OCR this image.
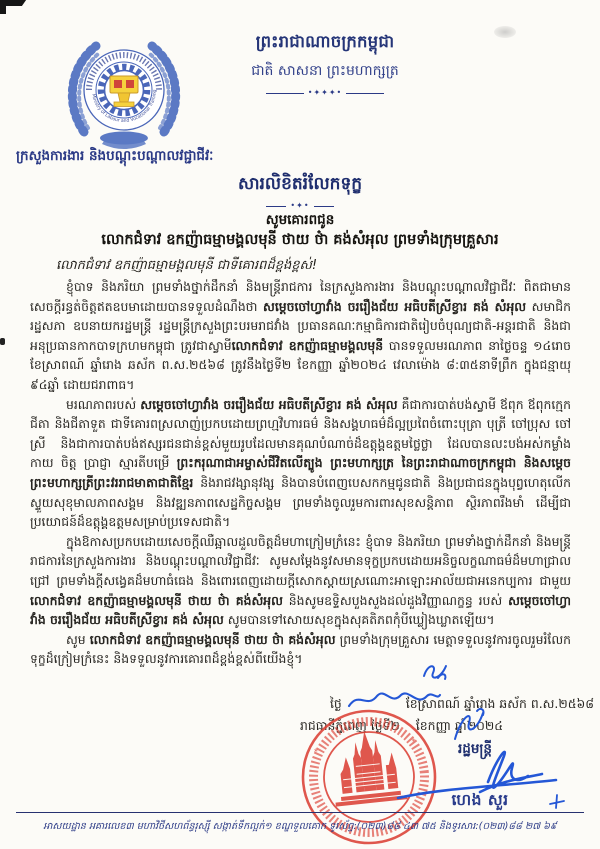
Ministry of Labour and Vocational Training
ព្រះរាជាណាចក្រកម្ពុជា
ជាតិ សាសនា ព្រះមហាក្សត្រ
•✦✦✦•
ក្រសួងការងារ និងបណ្ដុះបណ្ដាលវជ្ជាជីវៈ
សារលិខិតរំលែកទុក្ខ
•✦•
សូមគោរពជូន
លោកជំទាវ ឧកញ៉ាធម្មាមង្គលមុនី ថាយ ថ៎ា គង់សំអុល ព្រមទាំងក្រុមគ្រួសារ
លោកជំទាវ ឧកញ៉ាធម្មាមង្គលមុនី ជាទីគោរពដ៏ខ្ពង់ខ្ពស់!

ខ្ញុំបាទ និងភរិយា ព្រមទាំងថ្នាក់ដឹកនាំ និងមន្ត្រីរាជការ នៃក្រសួងការងារ និងបណ្ដុះបណ្ដាលវិជ្ជាជីវៈ ពិតជាមានសេចក្ដីរន្ធត់ចិត្តឥតឧបមាដោយបានទទួលដំណឹងថា សម្ដេចចៅហ្វាវាំង ចររឿងជ័យ អធិបតីស្រីខ្វារ គង់ សំអុល សមាជិករដ្ឋសភា ឧបនាយករដ្ឋមន្ត្រី រដ្ឋមន្ត្រីក្រសួងព្រះបរមរាជវាំង ប្រធានគណៈកម្មាធិការជាតិរៀបចំបុណ្យជាតិ-អន្តរជាតិ និងជាអនុប្រធានកាកបាទក្រហមកម្ពុជា ត្រូវជាស្វាមីលោកជំទាវ ឧកញ៉ាធម្មាមង្គលមុនី បានទទួលមរណភាព នាថ្ងៃចន្ទ ១៤រោច ខែស្រាពណ៍ ឆ្នាំរោង ឆស័ក ព.ស.២៥៦៨ ត្រូវនឹងថ្ងៃទី២ ខែកញ្ញា ឆ្នាំ២០២៤ វេលាម៉ោង ៨:៣៥នាទីព្រឹក ក្នុងជន្មាយុ ៩៤ឆ្នាំ ដោយជរាពាធ។

មរណភាពរបស់ សម្ដេចចៅហ្វាវាំង ចររឿងជ័យ អធិបតីស្រីខ្វារ គង់ សំអុល គឺជាការបាត់បង់ស្វាមី ឪពុក ឪពុកក្មេក ជីតា និងជីតាទួត ជាទីគោរពស្រលាញ់ប្រកបដោយព្រហ្មវិហារធម៌ និងសង្គហធម៌ដ៏ល្អប្រពៃចំពោះបុត្រា បុត្រី ចៅប្រុស ចៅស្រី និងជាការបាត់បង់ឥស្សរជនជាន់ខ្ពស់មួយរូបដែលមានគុណបំណាច់ដ៏ឧត្ដុង្គឧត្ដមថ្លៃថ្លា ដែលបានលះបង់អស់កម្លាំងកាយ ចិត្ត ប្រាជ្ញា ស្មារតីបម្រើ ព្រះករុណាជាអម្ចាស់ជីវិតលើត្បូង ព្រះមហាក្សត្រ នៃព្រះរាជាណាចក្រកម្ពុជា និងសម្ដេចព្រះមហាក្សត្រីព្រះវររាជមាតាជាតិខ្មែរ និងរាជវង្សានុវង្ស និងបានបំពេញបេសកកម្មជូនជាតិ និងប្រជាជនក្នុងបុព្វហេតុលើកស្ទួយសុខុមាលភាពសង្គម និងវឌ្ឍនភាពសេដ្ឋកិច្ចសង្គម ព្រមទាំងចូលរួមការពារសុខសន្តិភាព ស្ថិរភាពរឹងមាំ ដើម្បីជាប្រយោជន៍ដ៏ឧត្ដុង្គឧត្ដមសម្រាប់ប្រទេសជាតិ។

ក្នុងឱកាសប្រកបដោយសេចក្ដីឈឺឆ្អាលដួលចិត្តដ៏មហាក្រៀមក្រំនេះ ខ្ញុំបាទ និងភរិយា ព្រមទាំងថ្នាក់ដឹកនាំ និងមន្ត្រីរាជការនៃក្រសួងការងារ និងបណ្ដុះបណ្ដាលវិជ្ជាជីវៈ សូមសម្ដែងនូវសមានទុក្ខប្រកបដោយអនិច្ចលក្ខណាធម៌ដ៏មហាជ្រាលជ្រៅ ព្រមទាំងក្ដីសង្វេគដ៏មហាធំធេង និងពោរពេញដោយក្ដីសោកស្ដាយស្រណោះអាឡោះអាល័យជាអនេកប្បការ ជាមួយ លោកជំទាវ ឧកញ៉ាធម្មាមង្គលមុនី ថាយ ថ៎ា គង់សំអុល និងសូមឧទ្ទិសបួងសួងដល់ដួងវិញ្ញាណក្ខន្ធ របស់ សម្ដេចចៅហ្វាវាំង ចររឿងជ័យ អធិបតីស្រីខ្វារ គង់ សំអុល សូមបានទៅសោយសុខក្នុងសុគតិភពកុំបីឃ្លៀងឃ្លាតឡើយ។

សូម លោកជំទាវ ឧកញ៉ាធម្មាមង្គលមុនី ថាយ ថ៎ា គង់សំអុល ព្រមទាំងក្រុមគ្រួសារ មេត្តាទទួលនូវការចូលរួមរំលែកទុក្ខដ៏ក្រៀមក្រំនេះ និងទទួលនូវការគោរពដ៏ខ្ពង់ខ្ពស់ពីយើងខ្ញុំ។

ថ្ងៃ	ខែស្រាពណ៍ ឆ្នាំរោង ឆស័ក ព.ស.២៥៦៨
រាជធានីភ្នំពេញ ថ្ងៃទី២ ខែកញ្ញា ឆ្នាំ២០២៤
រដ្ឋមន្ត្រី
ហេង សួរ
*
*
អាសយដ្ឋាន អគារលេខ៣ មហាវិថីសហព័ន្ធរុស្ស៊ី សង្កាត់ទឹកល្អក់១ ខណ្ឌទួលគោក ទូរស័ព្ទ:(០២៣)៨៨ ៤៣ ៧៥ និងទូរសារ:(០២៣)៨៨ ២៧ ៦៩
